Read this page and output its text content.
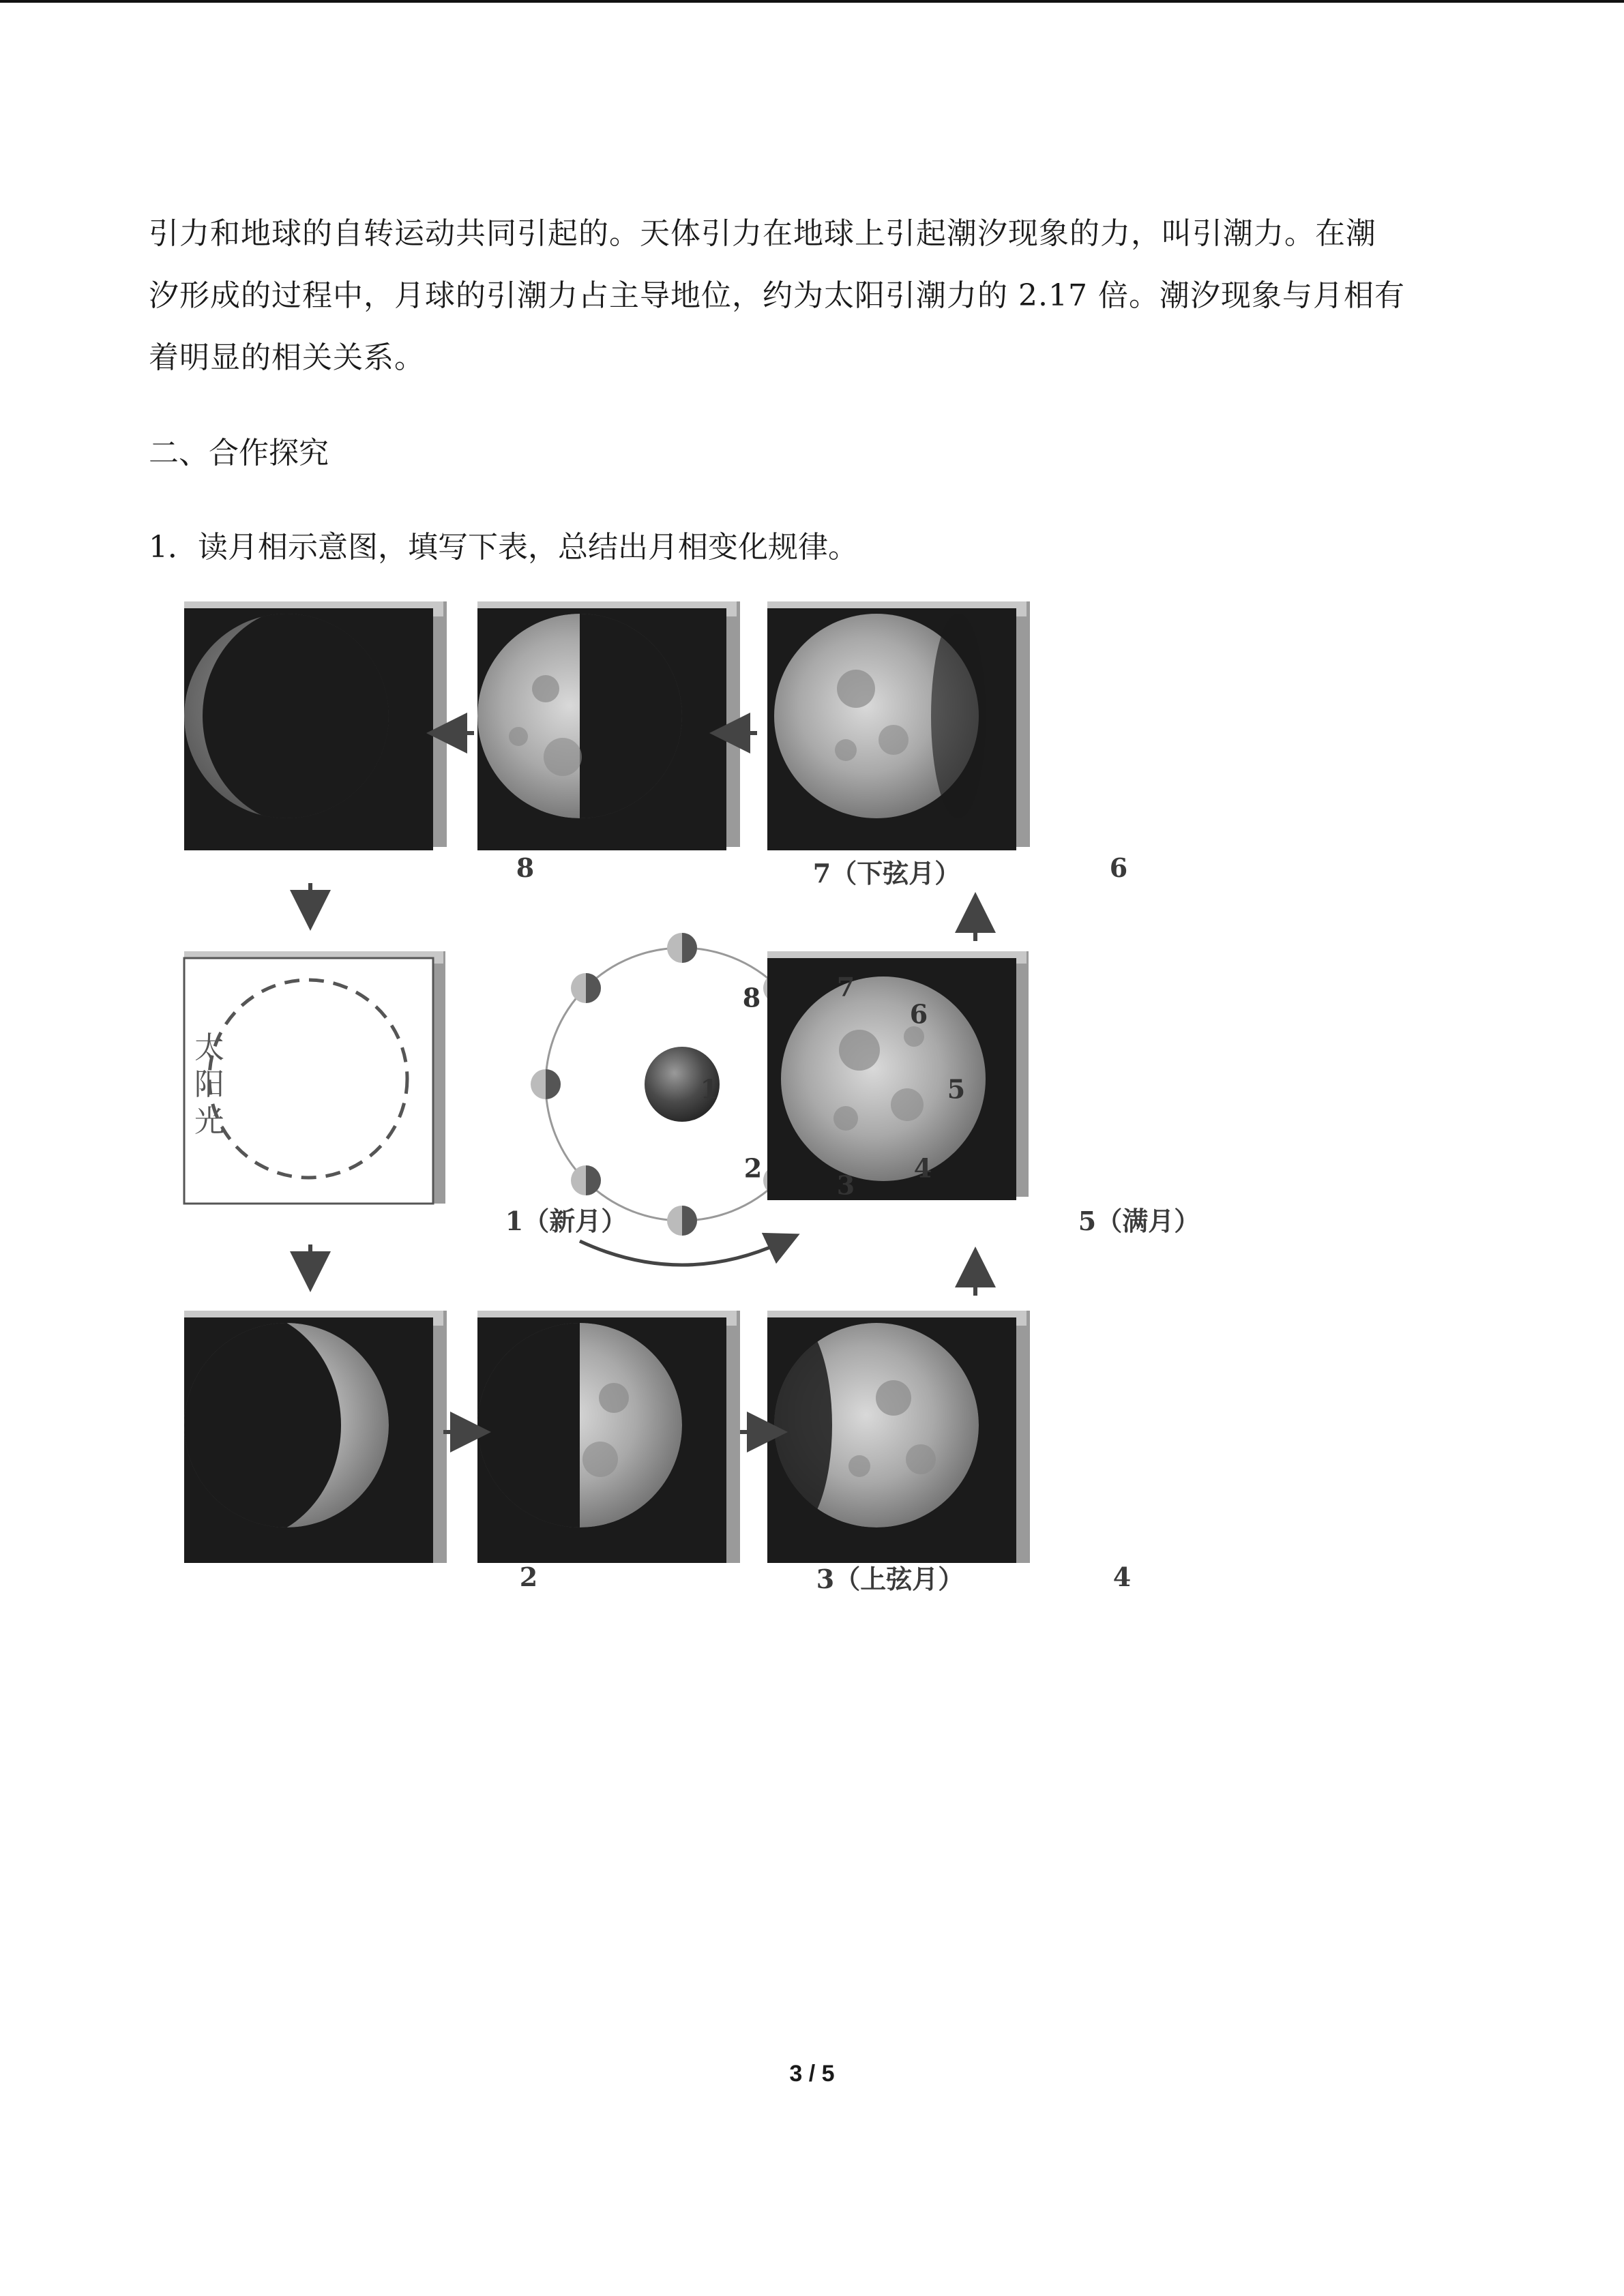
引力和地球的自转运动共同引起的。天体引力在地球上引起潮汐现象的力，叫引潮力。在潮
汐形成的过程中，月球的引潮力占主导地位，约为太阳引潮力的 2.17 倍。潮汐现象与月相有
着明显的相关关系。
二、合作探究
1．读月相示意图，填写下表，总结出月相变化规律。
太阳光
8	7（下弦月）	6
1（新月）	5（满月）
2	3（上弦月）	4
1
2
3
4
5
6
7
8
3 / 5
